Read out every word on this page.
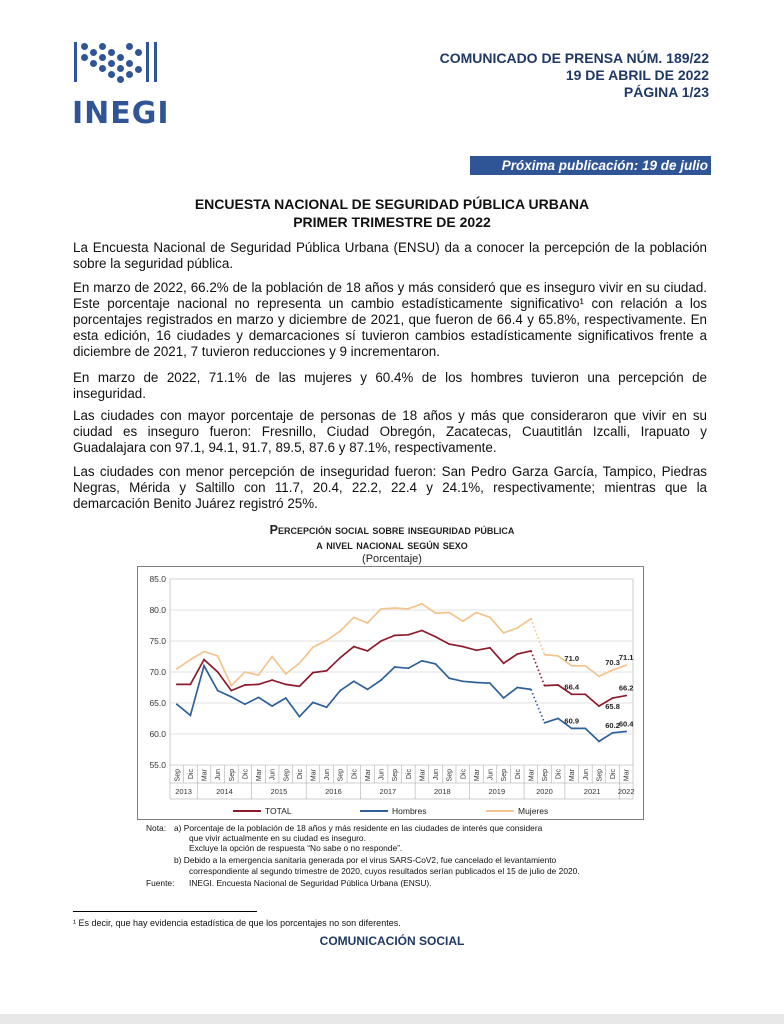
INEGI
COMUNICADO DE PRENSA NÚM. 189/22
19 DE ABRIL DE 2022
PÁGINA 1/23
Próxima publicación: 19 de julio
ENCUESTA NACIONAL DE SEGURIDAD PÚBLICA URBANA
PRIMER TRIMESTRE DE 2022
La Encuesta Nacional de Seguridad Pública Urbana (ENSU) da a conocer la percepción de la población sobre la seguridad pública.
En marzo de 2022, 66.2% de la población de 18 años y más consideró que es inseguro vivir en su ciudad. Este porcentaje nacional no representa un cambio estadísticamente significativo¹ con relación a los porcentajes registrados en marzo y diciembre de 2021, que fueron de 66.4 y 65.8%, respectivamente. En esta edición, 16 ciudades y demarcaciones sí tuvieron cambios estadísticamente significativos frente a diciembre de 2021, 7 tuvieron reducciones y 9 incrementaron.
En marzo de 2022, 71.1% de las mujeres y 60.4% de los hombres tuvieron una percepción de inseguridad.
Las ciudades con mayor porcentaje de personas de 18 años y más que consideraron que vivir en su ciudad es inseguro fueron: Fresnillo, Ciudad Obregón, Zacatecas, Cuautitlán Izcalli, Irapuato y Guadalajara con 97.1, 94.1, 91.7, 89.5, 87.6 y 87.1%, respectivamente.
Las ciudades con menor percepción de inseguridad fueron: San Pedro Garza García, Tampico, Piedras Negras, Mérida y Saltillo con 11.7, 20.4, 22.2, 22.4 y 24.1%, respectivamente; mientras que la demarcación Benito Juárez registró 25%.
Percepción social sobre inseguridad pública
a nivel nacional según sexo
(Porcentaje)
55.0
60.0
65.0
70.0
75.0
80.0
85.0
Sep Dic Mar Jun Sep Dic Mar Jun Sep Dic Mar Jun Sep Dic Mar Jun Sep Dic Mar Jun Sep Dic Mar Jun Sep Dic Mar Sep Dic Mar Jun Sep Dic Mar
2013	2014	2015	2016	2017	2018	2019	2020	2021 2022
66.4
65.8
66.2
60.9	60.2 60.4
71.0	70.3
71.1
TOTAL	Hombres	Mujeres
Nota: a) Porcentaje de la población de 18 años y más residente en las ciudades de interés que considera
que vivir actualmente en su ciudad es inseguro.
Excluye la opción de respuesta “No sabe o no responde”.
b) Debido a la emergencia sanitaria generada por el virus SARS-CoV2, fue cancelado el levantamiento
correspondiente al segundo trimestre de 2020, cuyos resultados serían publicados el 15 de julio de 2020.
Fuente: INEGI. Encuesta Nacional de Seguridad Pública Urbana (ENSU).
¹ Es decir, que hay evidencia estadística de que los porcentajes no son diferentes.
COMUNICACIÓN SOCIAL
